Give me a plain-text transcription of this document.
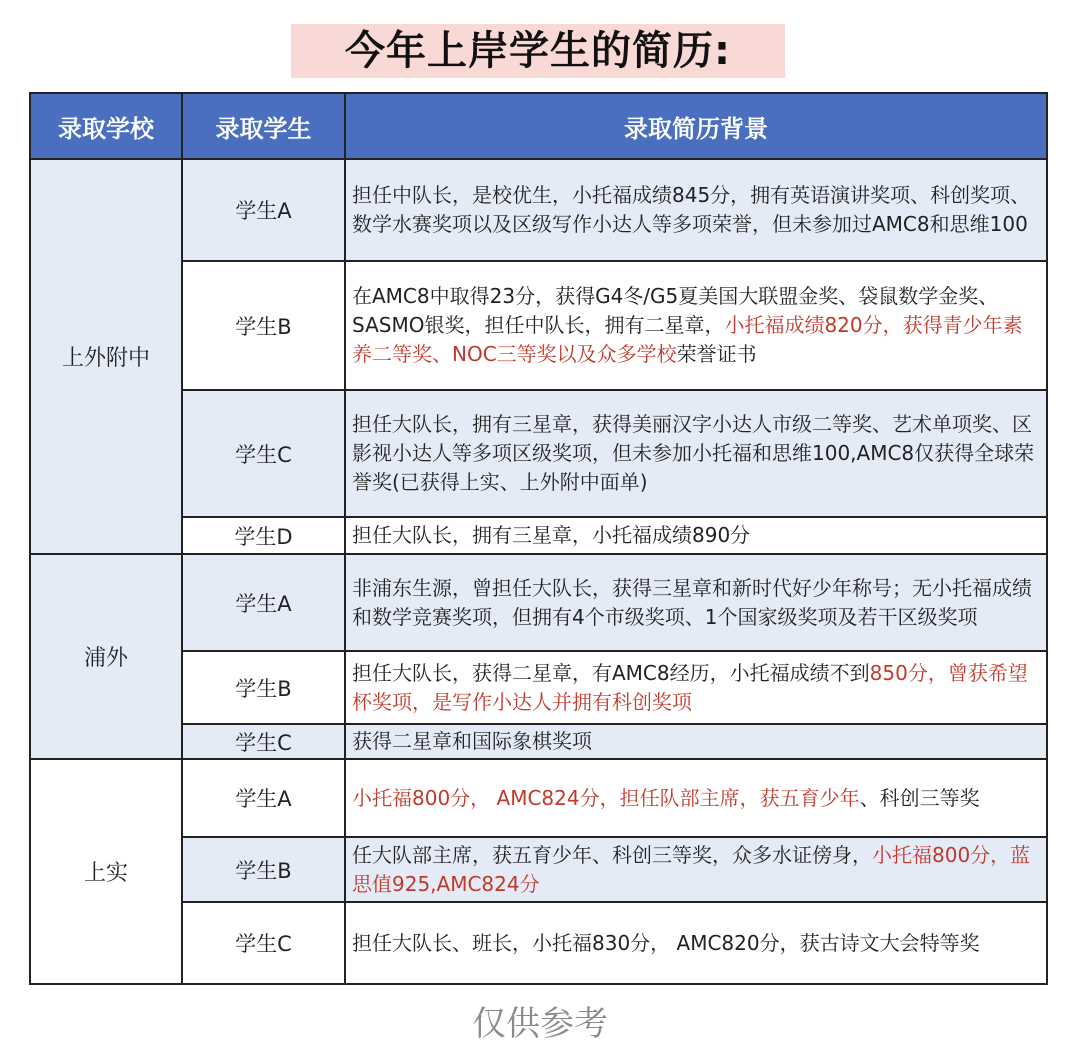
今年上岸学生的简历:
录取学校	录取学生	录取简历背景
上外附中	学生A	担任中队长，是校优生，小托福成绩845分，拥有英语演讲奖项、科创奖项、数学水赛奖项以及区级写作小达人等多项荣誉，但未参加过AMC8和思维100
	学生B	在AMC8中取得23分，获得G4冬/G5夏美国大联盟金奖、袋鼠数学金奖、SASMO银奖，担任中队长，拥有二星章，小托福成绩820分，获得青少年素养二等奖、NOC三等奖以及众多学校荣誉证书
	学生C	担任大队长，拥有三星章，获得美丽汉字小达人市级二等奖、艺术单项奖、区影视小达人等多项区级奖项，但未参加小托福和思维100,AMC8仅获得全球荣誉奖(已获得上实、上外附中面单)
	学生D	担任大队长，拥有三星章，小托福成绩890分
浦外	学生A	非浦东生源，曾担任大队长，获得三星章和新时代好少年称号；无小托福成绩和数学竞赛奖项，但拥有4个市级奖项、1个国家级奖项及若干区级奖项
	学生B	担任大队长，获得二星章，有AMC8经历，小托福成绩不到850分，曾获希望杯奖项，是写作小达人并拥有科创奖项
	学生C	获得二星章和国际象棋奖项
上实	学生A	小托福800分， AMC824分，担任队部主席，获五育少年、科创三等奖
	学生B	任大队部主席，获五育少年、科创三等奖，众多水证傍身，小托福800分，蓝思值925,AMC824分
	学生C	担任大队长、班长，小托福830分， AMC820分，获古诗文大会特等奖
仅供参考
